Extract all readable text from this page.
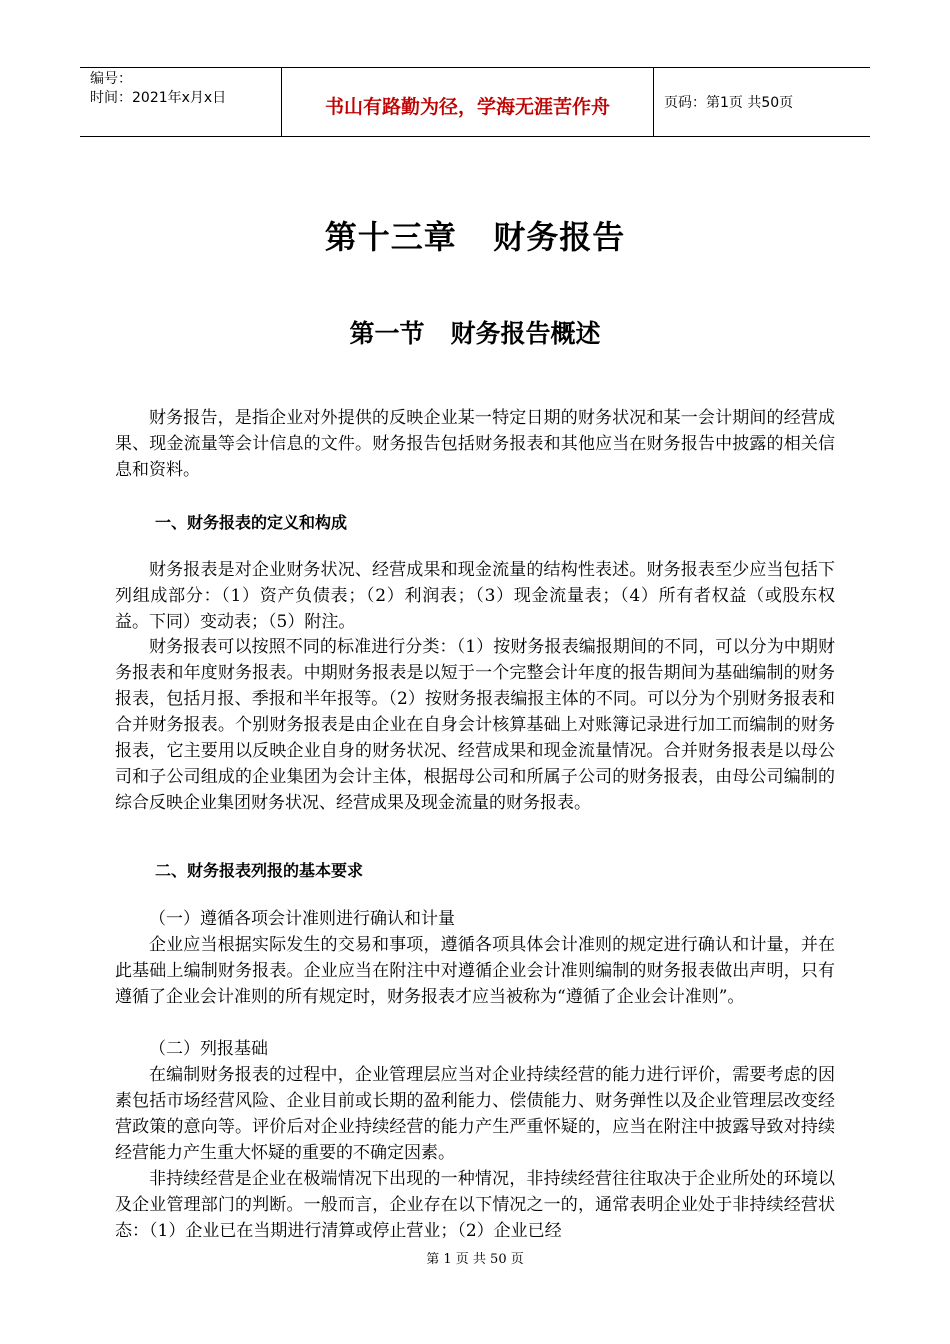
编号：
时间：2021年x月x日	书山有路勤为径，学海无涯苦作舟	页码：第1页 共50页
第十三章   财务报告
第一节   财务报告概述

财务报告，是指企业对外提供的反映企业某一特定日期的财务状况和某一会计期间的经营成果、现金流量等会计信息的文件。财务报告包括财务报表和其他应当在财务报告中披露的相关信息和资料。

一、财务报表的定义和构成

财务报表是对企业财务状况、经营成果和现金流量的结构性表述。财务报表至少应当包括下列组成部分：（1）资产负债表；（2）利润表；（3）现金流量表；（4）所有者权益（或股东权益。下同）变动表；（5）附注。

财务报表可以按照不同的标准进行分类：（1）按财务报表编报期间的不同，可以分为中期财务报表和年度财务报表。中期财务报表是以短于一个完整会计年度的报告期间为基础编制的财务报表，包括月报、季报和半年报等。（2）按财务报表编报主体的不同。可以分为个别财务报表和合并财务报表。个别财务报表是由企业在自身会计核算基础上对账簿记录进行加工而编制的财务报表，它主要用以反映企业自身的财务状况、经营成果和现金流量情况。合并财务报表是以母公司和子公司组成的企业集团为会计主体，根据母公司和所属子公司的财务报表，由母公司编制的综合反映企业集团财务状况、经营成果及现金流量的财务报表。

二、财务报表列报的基本要求

（一）遵循各项会计准则进行确认和计量

企业应当根据实际发生的交易和事项，遵循各项具体会计准则的规定进行确认和计量，并在此基础上编制财务报表。企业应当在附注中对遵循企业会计准则编制的财务报表做出声明，只有遵循了企业会计准则的所有规定时，财务报表才应当被称为“遵循了企业会计准则”。

（二）列报基础

在编制财务报表的过程中，企业管理层应当对企业持续经营的能力进行评价，需要考虑的因素包括市场经营风险、企业目前或长期的盈利能力、偿债能力、财务弹性以及企业管理层改变经营政策的意向等。评价后对企业持续经营的能力产生严重怀疑的，应当在附注中披露导致对持续经营能力产生重大怀疑的重要的不确定因素。

非持续经营是企业在极端情况下出现的一种情况，非持续经营往往取决于企业所处的环境以及企业管理部门的判断。一般而言，企业存在以下情况之一的，通常表明企业处于非持续经营状态：（1）企业已在当期进行清算或停止营业；（2）企业已经

第 1 页 共 50 页
